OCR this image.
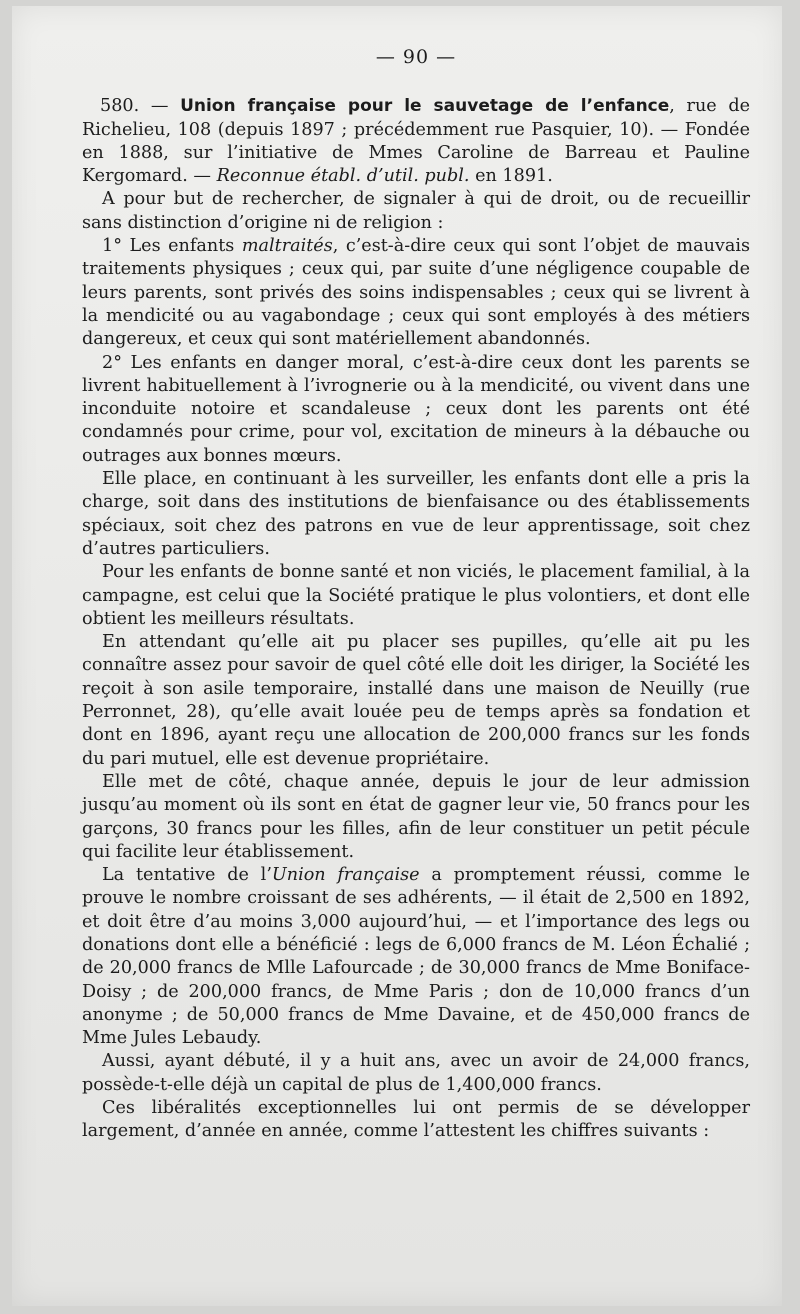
— 90 —

580. — Union française pour le sauvetage de l’enfance, rue de Richelieu, 108 (depuis 1897 ; précédemment rue Pasquier, 10). — Fondée en 1888, sur l’initiative de Mmes Caroline de Barreau et Pauline Kergomard. — Reconnue établ. d’util. publ. en 1891.

A pour but de rechercher, de signaler à qui de droit, ou de recueillir sans distinction d’origine ni de religion :

1° Les enfants maltraités, c’est-à-dire ceux qui sont l’objet de mauvais traitements physiques ; ceux qui, par suite d’une négligence coupable de leurs parents, sont privés des soins indispensables ; ceux qui se livrent à la mendicité ou au vagabondage ; ceux qui sont employés à des métiers dangereux, et ceux qui sont matériellement abandonnés.

2° Les enfants en danger moral, c’est-à-dire ceux dont les parents se livrent habituellement à l’ivrognerie ou à la mendicité, ou vivent dans une inconduite notoire et scandaleuse ; ceux dont les parents ont été condamnés pour crime, pour vol, excitation de mineurs à la débauche ou outrages aux bonnes mœurs.

Elle place, en continuant à les surveiller, les enfants dont elle a pris la charge, soit dans des institutions de bienfaisance ou des établissements spéciaux, soit chez des patrons en vue de leur apprentissage, soit chez d’autres particuliers.

Pour les enfants de bonne santé et non viciés, le placement familial, à la campagne, est celui que la Société pratique le plus volontiers, et dont elle obtient les meilleurs résultats.

En attendant qu’elle ait pu placer ses pupilles, qu’elle ait pu les connaître assez pour savoir de quel côté elle doit les diriger, la Société les reçoit à son asile temporaire, installé dans une maison de Neuilly (rue Perronnet, 28), qu’elle avait louée peu de temps après sa fondation et dont en 1896, ayant reçu une allocation de 200,000 francs sur les fonds du pari mutuel, elle est devenue propriétaire.

Elle met de côté, chaque année, depuis le jour de leur admission jusqu’au moment où ils sont en état de gagner leur vie, 50 francs pour les garçons, 30 francs pour les filles, afin de leur constituer un petit pécule qui facilite leur établissement.

La tentative de l’Union française a promptement réussi, comme le prouve le nombre croissant de ses adhérents, — il était de 2,500 en 1892, et doit être d’au moins 3,000 aujourd’hui, — et l’importance des legs ou donations dont elle a bénéficié : legs de 6,000 francs de M. Léon Échalié ; de 20,000 francs de Mlle Lafourcade ; de 30,000 francs de Mme Boniface-Doisy ; de 200,000 francs, de Mme Paris ; don de 10,000 francs d’un anonyme ; de 50,000 francs de Mme Davaine, et de 450,000 francs de Mme Jules Lebaudy.

Aussi, ayant débuté, il y a huit ans, avec un avoir de 24,000 francs, possède-t-elle déjà un capital de plus de 1,400,000 francs.

Ces libéralités exceptionnelles lui ont permis de se développer largement, d’année en année, comme l’attestent les chiffres suivants :
